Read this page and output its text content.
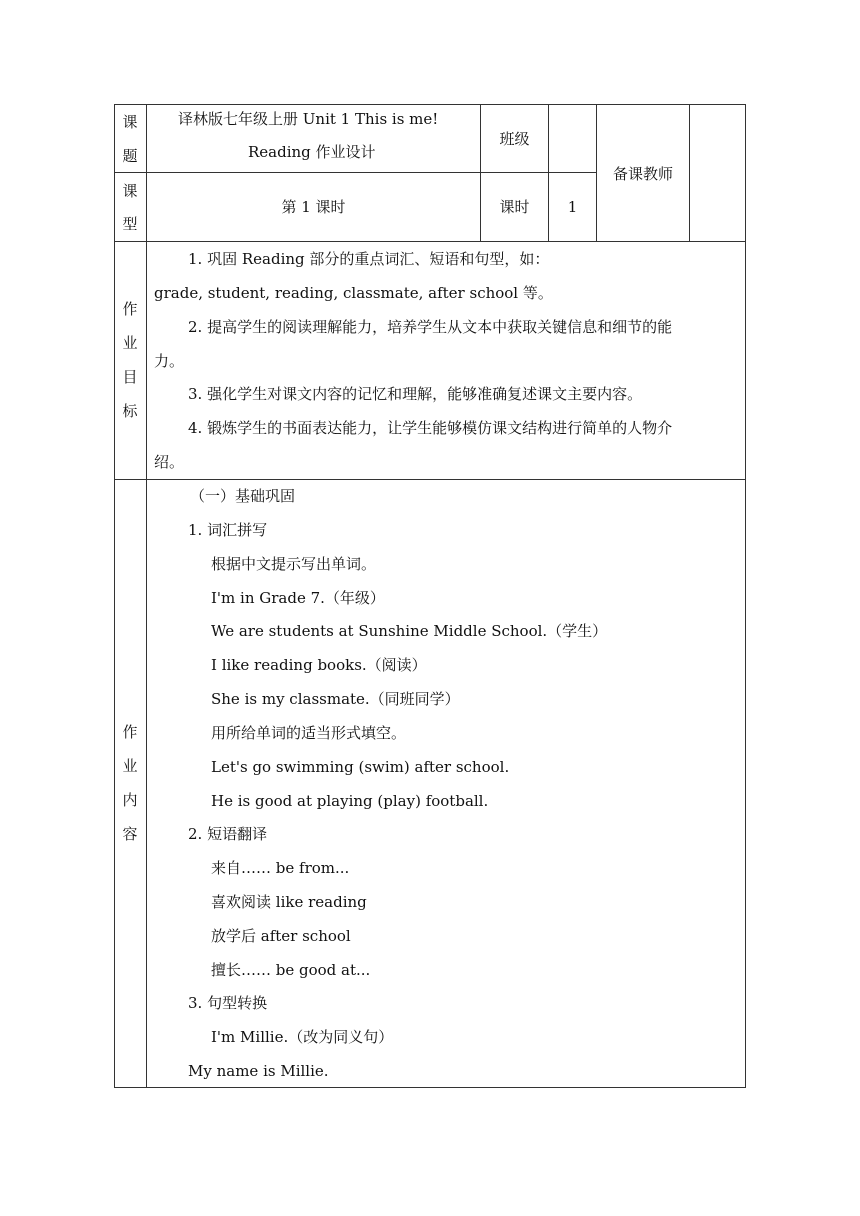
课
题
译林版七年级上册 Unit 1 This is me!
Reading 作业设计
班级
备课教师
课
型
第 1 课时	课时	1
作
业
目
标
1. 巩固 Reading 部分的重点词汇、短语和句型，如：
grade, student, reading, classmate, after school 等。
2. 提高学生的阅读理解能力，培养学生从文本中获取关键信息和细节的能
力。
3. 强化学生对课文内容的记忆和理解，能够准确复述课文主要内容。
4. 锻炼学生的书面表达能力，让学生能够模仿课文结构进行简单的人物介
绍。
作
业
内
容
（一）基础巩固
1. 词汇拼写
根据中文提示写出单词。
I'm in Grade 7.（年级）
We are students at Sunshine Middle School.（学生）
I like reading books.（阅读）
She is my classmate.（同班同学）
用所给单词的适当形式填空。
Let's go swimming (swim) after school.
He is good at playing (play) football.
2. 短语翻译
来自…… be from...
喜欢阅读 like reading
放学后 after school
擅长…… be good at...
3. 句型转换
I'm Millie.（改为同义句）
My name is Millie.
